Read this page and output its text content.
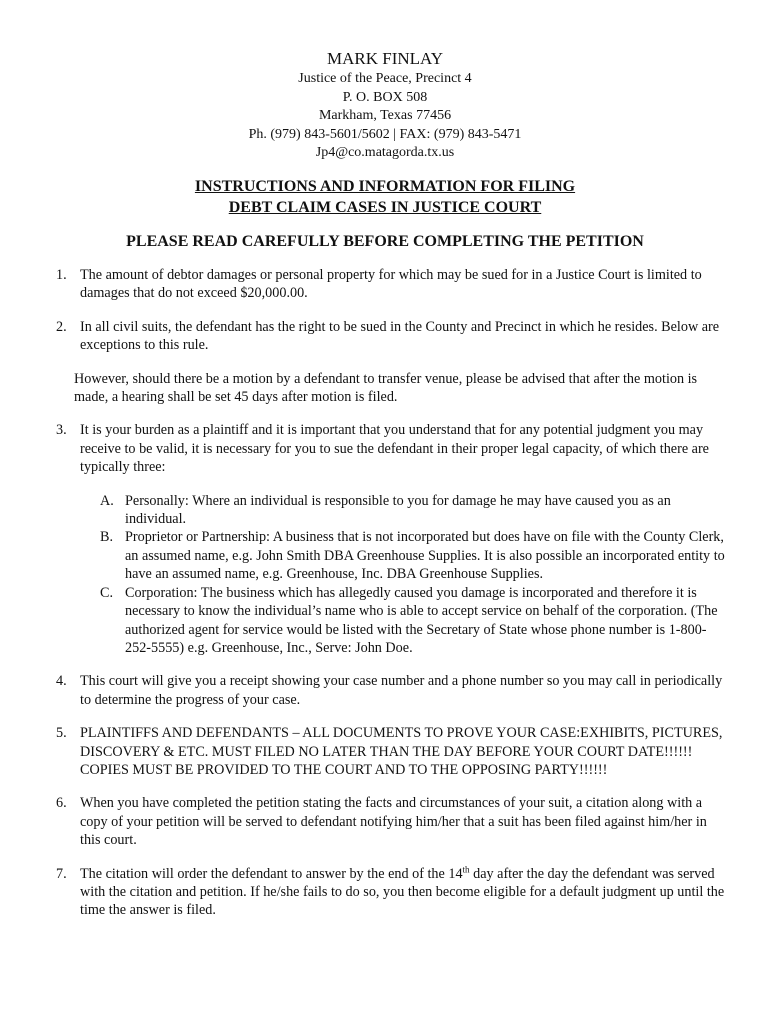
MARK FINLAY
Justice of the Peace, Precinct 4
P. O. BOX 508
Markham, Texas 77456
Ph. (979) 843-5601/5602 | FAX: (979) 843-5471
Jp4@co.matagorda.tx.us
INSTRUCTIONS AND INFORMATION FOR FILING
DEBT CLAIM CASES IN JUSTICE COURT
PLEASE READ CAREFULLY BEFORE COMPLETING THE PETITION
1. The amount of debtor damages or personal property for which may be sued for in a Justice Court is limited to damages that do not exceed $20,000.00.
2. In all civil suits, the defendant has the right to be sued in the County and Precinct in which he resides. Below are exceptions to this rule.
However, should there be a motion by a defendant to transfer venue, please be advised that after the motion is made, a hearing shall be set 45 days after motion is filed.
3. It is your burden as a plaintiff and it is important that you understand that for any potential judgment you may receive to be valid, it is necessary for you to sue the defendant in their proper legal capacity, of which there are typically three:
A. Personally: Where an individual is responsible to you for damage he may have caused you as an individual.
B. Proprietor or Partnership: A business that is not incorporated but does have on file with the County Clerk, an assumed name, e.g. John Smith DBA Greenhouse Supplies. It is also possible an incorporated entity to have an assumed name, e.g. Greenhouse, Inc. DBA Greenhouse Supplies.
C. Corporation: The business which has allegedly caused you damage is incorporated and therefore it is necessary to know the individual’s name who is able to accept service on behalf of the corporation. (The authorized agent for service would be listed with the Secretary of State whose phone number is 1-800-252-5555) e.g. Greenhouse, Inc., Serve: John Doe.
4. This court will give you a receipt showing your case number and a phone number so you may call in periodically to determine the progress of your case.
5. PLAINTIFFS AND DEFENDANTS – ALL DOCUMENTS TO PROVE YOUR CASE:EXHIBITS, PICTURES, DISCOVERY & ETC. MUST FILED NO LATER THAN THE DAY BEFORE YOUR COURT DATE!!!!!! COPIES MUST BE PROVIDED TO THE COURT AND TO THE OPPOSING PARTY!!!!!!
6. When you have completed the petition stating the facts and circumstances of your suit, a citation along with a copy of your petition will be served to defendant notifying him/her that a suit has been filed against him/her in this court.
7. The citation will order the defendant to answer by the end of the 14th day after the day the defendant was served with the citation and petition. If he/she fails to do so, you then become eligible for a default judgment up until the time the answer is filed.
